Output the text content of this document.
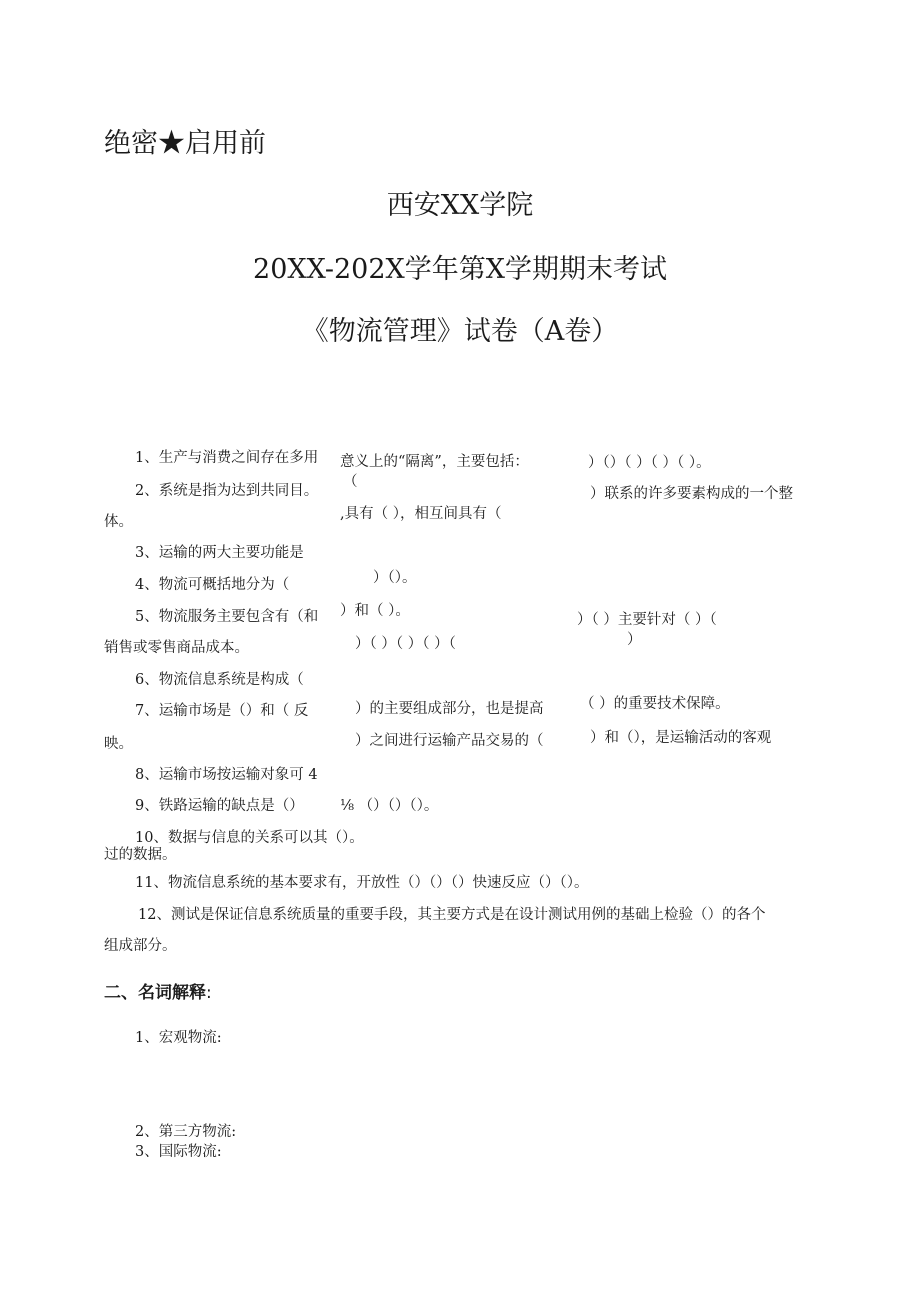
绝密★启用前
西安XX学院
20XX-202X学年第X学期期末考试
《物流管理》试卷（A卷）
1、生产与消费之间存在多用 意义上的“隔离”，主要包括：	）（）（ ）（ ）（ ）。
（
2、系统是指为达到共同目。	）联系的许多要素构成的一个整
体。	,具有（ ），相互间具有（
3、运输的两大主要功能是
4、物流可概括地分为（	）（）。
5、物流服务主要包含有（和 ）和（ ）。
）（ ）主要针对（ ）（
销售或零售商品成本。	）（ ）（ ）（ ）（	）
6、物流信息系统是构成（
7、运输市场是（）和（ 反	）的主要组成部分，也是提高	（ ）的重要技术保障。
映。	）之间进行运输产品交易的（	）和（），是运输活动的客观
8、运输市场按运输对象可 4
9、铁路运输的缺点是（）	⅛ （）（）（）。
10、数据与信息的关系可以其（）。
过的数据。
11、物流信息系统的基本要求有，开放性（）（）（）快速反应（）（）。
12、测试是保证信息系统质量的重要手段，其主要方式是在设计测试用例的基础上检验（）的各个
组成部分。
二、名词解释:
1、宏观物流:
2、第三方物流:
3、国际物流:
